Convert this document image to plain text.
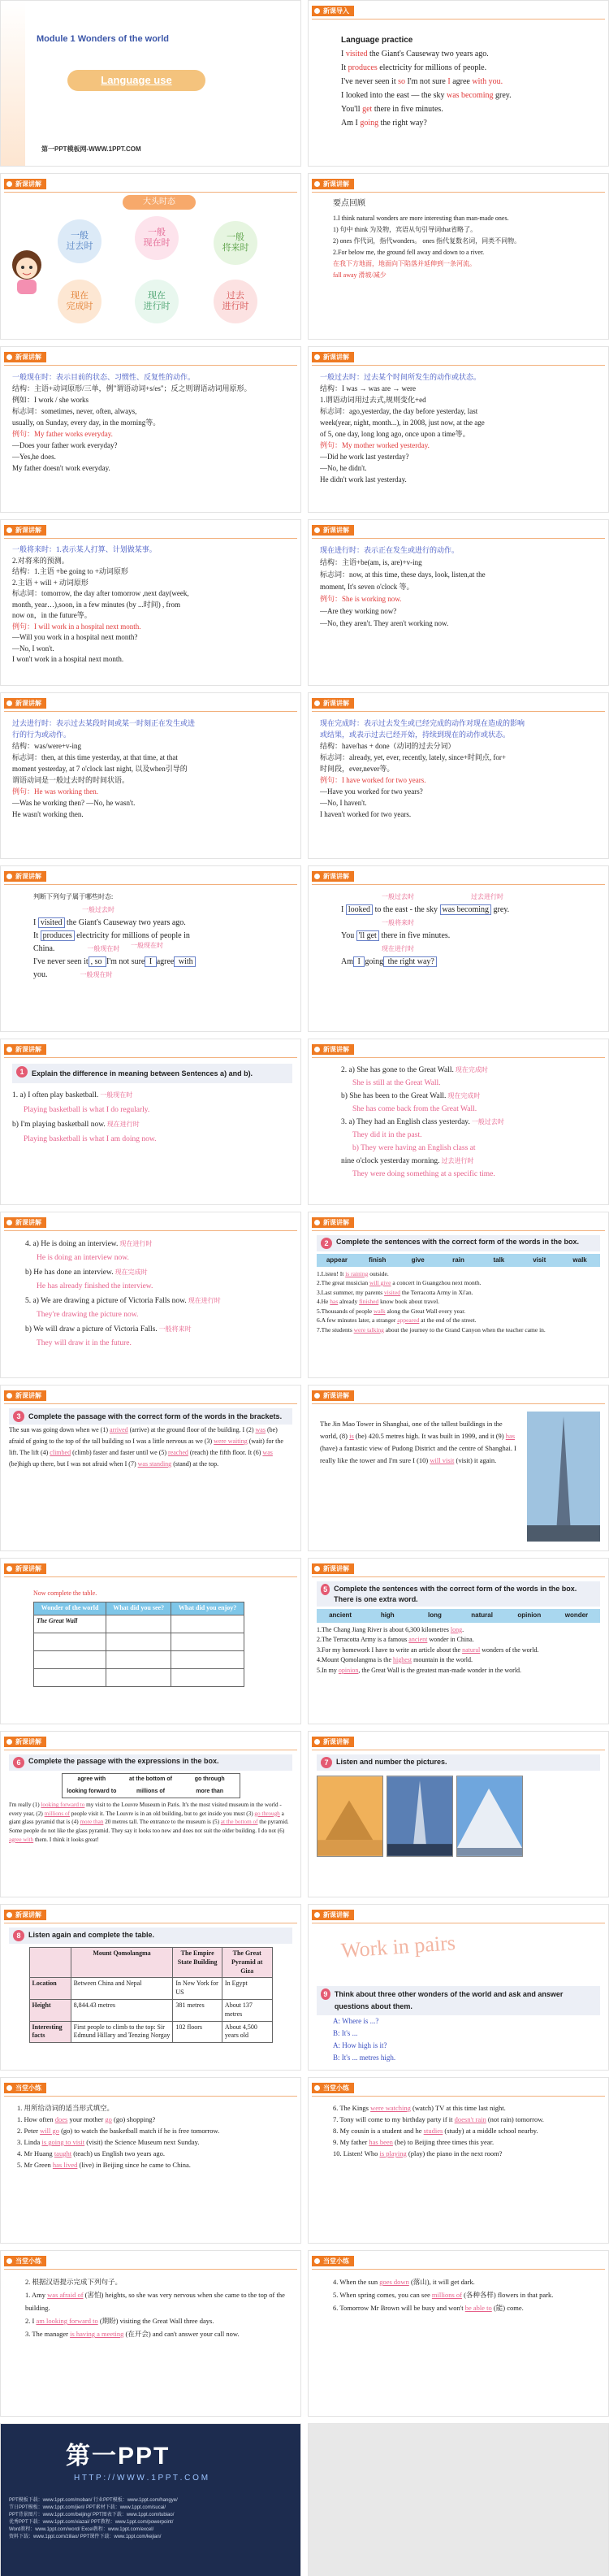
Module 1 Wonders of the world
Language use
第一PPT模板网-WWW.1PPT.COM
新课导入
Language practice
I visited the Giant's Causeway two years ago.
It produces electricity for millions of people.
I've never seen it so I'm not sure I agree with you.
I looked into the east — the sky was becoming grey.
You'll get there in five minutes.
Am I going the right way?
新课讲解
大头时态
一般
过去时
一般
现在时
一般
将来时
现在
完成时
现在
进行时
过去
进行时
新课讲解
要点回顾
1.I think natural wonders are more interesting than man-made ones.
1) 句中 think 为及物，宾语从句引导词that省略了。
2) ones 作代词，指代wonders。 ones 指代复数名词，同类不同物。
2.For below me, the ground fell away and down to a river.
在我下方地面，地面向下陷落并延伸到一条河流。
fall away 滑坡/减少
新课讲解
一般现在时：表示目前的状态、习惯性、反复性的动作。
结构：主语+动词原形/三单，例"谓语动词+s/es"；反之则谓语动词用原形。
例如：I work / she works
标志词：sometimes, never, often, always,
usually, on Sunday, every day, in the morning等。
例句：My father works everyday.
—Does your father work everyday?
—Yes,he does.
My father doesn't work everyday.
新课讲解
一般过去时：过去某个时间所发生的动作或状态。
结构：I was → was are → were
1.谓语动词用过去式,规则变化+ed
标志词：ago,yesterday, the day before yesterday, last
week(year, night, month...), in 2008, just now, at the age
of 5, one day, long long ago, once upon a time等。
例句：My mother worked yesterday.
—Did he work last yesterday?
—No, he didn't.
He didn't work last yesterday.
新课讲解
一般将来时：1.表示某人打算、计划做某事。
2.对将来的预测。
结构：1.主语 +be going to +动词原形
2.主语 + will + 动词原形
标志词：tomorrow, the day after tomorrow ,next day(week,
month, year…),soon, in a few minutes (by ...时间) , from
now on，in the future等。
例句：I will work in a hospital next month.
—Will you work in a hospital next month?
—No, I won't.
I won't work in a hospital next month.
新课讲解
现在进行时：表示正在发生或进行的动作。
结构：主语+be(am, is, are)+v-ing
标志词：now, at this time, these days, look, listen,at the
moment, It's seven o'clock 等。
例句：She is working now.
—Are they working now?
—No, they aren't. They aren't working now.
新课讲解
过去进行时：表示过去某段时间或某一时刻正在发生或进
行的行为或动作。
结构：was/were+v-ing
标志词：then, at this time yesterday, at that time, at that
moment yesterday, at 7 o'clock last night, 以及when引导的
谓语动词是一般过去时的时间状语。
例句：He was working then.
—Was he working then? —No, he wasn't.
He wasn't working then.
新课讲解
现在完成时：表示过去发生或已经完成的动作对现在造成的影响
或结果，或表示过去已经开始，持续到现在的动作或状态。
结构：have/has + done（动词的过去分词）
标志词：already, yet, ever, recently, lately, since+时间点, for+
时间段，ever,never等。
例句：I have worked for two years.
—Have you worked for two years?
—No, I haven't.
I haven't worked for two years.
新课讲解
判断下列句子属于哪些时态:
一般过去时
I visited the Giant's Causeway two years ago.
It produces electricity for millions of people in
China.	一般现在时
I've never seen it , so I'm not sure I agree with
you.	一般现在时
一般现在时
新课讲解
一般过去时	过去进行时
I looked to the east - the sky was becoming grey.
一般将来时
You 'll get there in five minutes.
现在进行时
Am I going the right way?
新课讲解
1	Explain the difference in meaning between Sentences a) and b).
1. a) I often play basketball. 一般现在时
Playing basketball is what I do regularly.
b) I'm playing basketball now. 现在进行时
Playing basketball is what I am doing now.
新课讲解
2. a) She has gone to the Great Wall. 现在完成时
She is still at the Great Wall.
b) She has been to the Great Wall. 现在完成时
She has come back from the Great Wall.
3. a) They had an English class yesterday. 一般过去时
They did it in the past.
b) They were having an English class at
nine o'clock yesterday morning. 过去进行时
They were doing something at a specific time.
新课讲解
4. a) He is doing an interview. 现在进行时
He is doing an interview now.
b) He has done an interview. 现在完成时
He has already finished the interview.
5. a) We are drawing a picture of Victoria Falls now. 现在进行时
They're drawing the picture now.
b) We will draw a picture of Victoria Falls. 一般将来时
They will draw it in the future.
新课讲解
2	Complete the sentences with the correct form of the words in the box.
appear	finish	give	rain	talk	visit	walk
1.Listen! It is raining outside.
2.The great musician will give a concert in Guangzhou next month.
3.Last summer, my parents visited the Terracotta Army in Xi'an.
4.He has already finished know book about travel.
5.Thousands of people walk along the Great Wall every year.
6.A few minutes later, a stranger appeared at the end of the street.
7.The students were talking about the journey to the Grand Canyon when the teacher came in.
新课讲解
3	Complete the passage with the correct form of the words in the brackets.
The sun was going down when we (1) arrived (arrive) at the ground floor of the building. I (2) was (be) afraid of going to the top of the tall building so I was a little nervous as we (3) were waiting (wait) for the lift. The lift (4) climbed (climb) faster and faster until we (5) reached (reach) the fifth floor. It (6) was (be)high up there, but I was not afraid when I (7) was standing (stand) at the top.
新课讲解
The Jin Mao Tower in Shanghai, one of the tallest buildings in the world, (8) is (be) 420.5 metres high. It was built in 1999, and it (9) has (have) a fantastic view of Pudong District and the centre of Shanghai. I really like the tower and I'm sure I (10) will visit (visit) it again.
新课讲解
Now complete the table.
Wonder of the world	What did you see?	What did you enjoy?
The Great Wall		

新课讲解
5 Complete the sentences with the correct form of the words in the box. There is one extra word.
ancient	high	long	natural	opinion	wonder
1.The Chang Jiang River is about 6,300 kilometres long.
2.The Terracotta Army is a famous ancient wonder in China.
3.For my homework I have to write an article about the natural wonders of the world.
4.Mount Qomolangma is the highest mountain in the world.
5.In my opinion, the Great Wall is the greatest man-made wonder in the world.
新课讲解
6	Complete the passage with the expressions in the box.
agree with	at the bottom of	go through
looking forward to	millions of	more than
I'm really (1) looking forward to my visit to the Louvre Museum in Paris. It's the most visited museum in the world - every year, (2) millions of people visit it. The Louvre is in an old building, but to get inside you must (3) go through a giant glass pyramid that is (4) more than 20 metres tall. The entrance to the museum is (5) at the bottom of the pyramid. Some people do not like the glass pyramid. They say it looks too new and does not suit the older building. I do not (6) agree with them. I think it looks great!
新课讲解
7	Listen and number the pictures.
新课讲解
8	Listen again and complete the table.
	Mount Qomolangma	The Empire State Building	The Great Pyramid at Giza
Location	Between China and Nepal	In New York for US	In Egypt
Height	8,844.43 metres	381 metres	About 137 metres
Interesting facts	First people to climb to the top: Sir Edmund Hillary and Tenzing Norgay	102 floors	About 4,500 years old
新课讲解
Work in pairs
9 Think about three other wonders of the world and ask and answer questions about them.
A: Where is ...?
B: It's ...
A: How high is it?
B: It's ... metres high.
当堂小练
1. 用所给动词的适当形式填空。
1. How often does your mother go (go) shopping?
2. Peter will go (go) to watch the basketball match if he is free tomorrow.
3. Linda is going to visit (visit) the Science Museum next Sunday.
4. Mr Huang taught (teach) us English two years ago.
5. Mr Green has lived (live) in Beijing since he came to China.
当堂小练
6. The Kings were watching (watch) TV at this time last night.
7. Tony will come to my birthday party if it doesn't rain (not rain) tomorrow.
8. My cousin is a student and he studies (study) at a middle school nearby.
9. My father has been (be) to Beijing three times this year.
10. Listen! Who is playing (play) the piano in the next room?
当堂小练
2. 根据汉语提示完成下列句子。
1. Amy was afraid of (害怕) heights, so she was very nervous when she came to the top of the building.
2. I am looking forward to (期盼) visiting the Great Wall three days.
3. The manager is having a meeting (在开会) and can't answer your call now.
当堂小练
4. When the sun goes down (落山), it will get dark.
5. When spring comes, you can see millions of (各种各样) flowers in that park.
6. Tomorrow Mr Brown will be busy and won't be able to (能) come.
第一PPT
H T T P : / / W W W . 1 P P T . C O M
PPT模板下载：www.1ppt.com/moban/ 行业PPT模板：www.1ppt.com/hangye/
节日PPT模板：www.1ppt.com/jieri/ PPT素材下载：www.1ppt.com/sucai/
PPT背景图片：www.1ppt.com/beijing/ PPT图表下载：www.1ppt.com/tubiao/
优秀PPT下载：www.1ppt.com/xiazai/ PPT教程：www.1ppt.com/powerpoint/
Word教程：www.1ppt.com/word/ Excel教程：www.1ppt.com/excel/
资料下载：www.1ppt.com/ziliao/ PPT课件下载：www.1ppt.com/kejian/
